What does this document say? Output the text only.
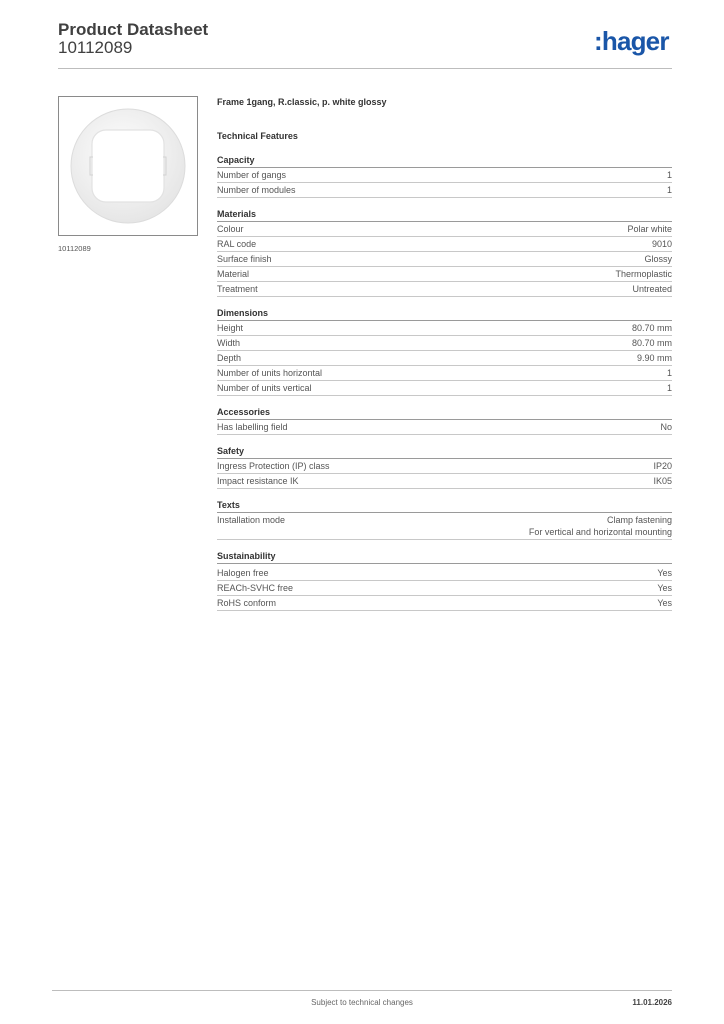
Product Datasheet
10112089	:hager
10112089
Frame 1gang, R.classic, p. white glossy
Technical Features
Capacity
Number of gangs	1
Number of modules	1
Materials
Colour	Polar white
RAL code	9010
Surface finish	Glossy
Material	Thermoplastic
Treatment	Untreated
Dimensions
Height	80.70 mm
Width	80.70 mm
Depth	9.90 mm
Number of units horizontal	1
Number of units vertical	1
Accessories
Has labelling field	No
Safety
Ingress Protection (IP) class	IP20
Impact resistance IK	IK05
Texts
Installation mode	Clamp fastening
For vertical and horizontal mounting
Sustainability
Halogen free	Yes
REACh-SVHC free	Yes
RoHS conform	Yes
Subject to technical changes	11.01.2026
